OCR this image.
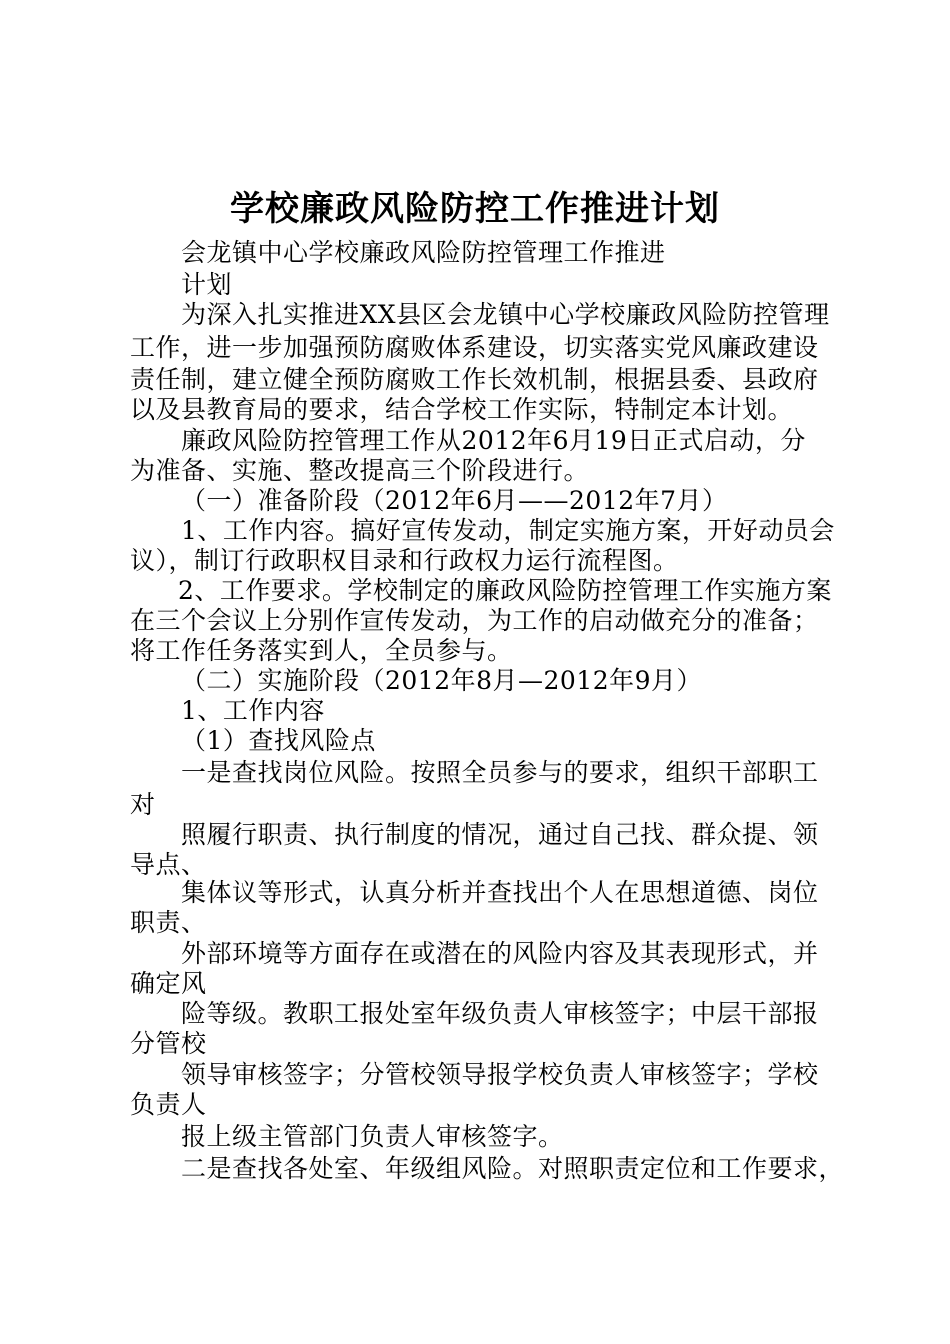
学校廉政风险防控工作推进计划
会龙镇中心学校廉政风险防控管理工作推进
计划
为深入扎实推进XX县区会龙镇中心学校廉政风险防控管理
工作，进一步加强预防腐败体系建设，切实落实党风廉政建设
责任制，建立健全预防腐败工作长效机制，根据县委、县政府
以及县教育局的要求，结合学校工作实际，特制定本计划。
廉政风险防控管理工作从2012年6月19日正式启动，分
为准备、实施、整改提高三个阶段进行。
（一）准备阶段（2012年6月——2012年7月）
1、工作内容。搞好宣传发动，制定实施方案，开好动员会
议），制订行政职权目录和行政权力运行流程图。
2、工作要求。学校制定的廉政风险防控管理工作实施方案
在三个会议上分别作宣传发动，为工作的启动做充分的准备；
将工作任务落实到人，全员参与。
（二）实施阶段（2012年8月—2012年9月）
1、工作内容
（1）查找风险点
一是查找岗位风险。按照全员参与的要求，组织干部职工
对
照履行职责、执行制度的情况，通过自己找、群众提、领
导点、
集体议等形式，认真分析并查找出个人在思想道德、岗位
职责、
外部环境等方面存在或潜在的风险内容及其表现形式，并
确定风
险等级。教职工报处室年级负责人审核签字；中层干部报
分管校
领导审核签字；分管校领导报学校负责人审核签字；学校
负责人
报上级主管部门负责人审核签字。
二是查找各处室、年级组风险。对照职责定位和工作要求，
